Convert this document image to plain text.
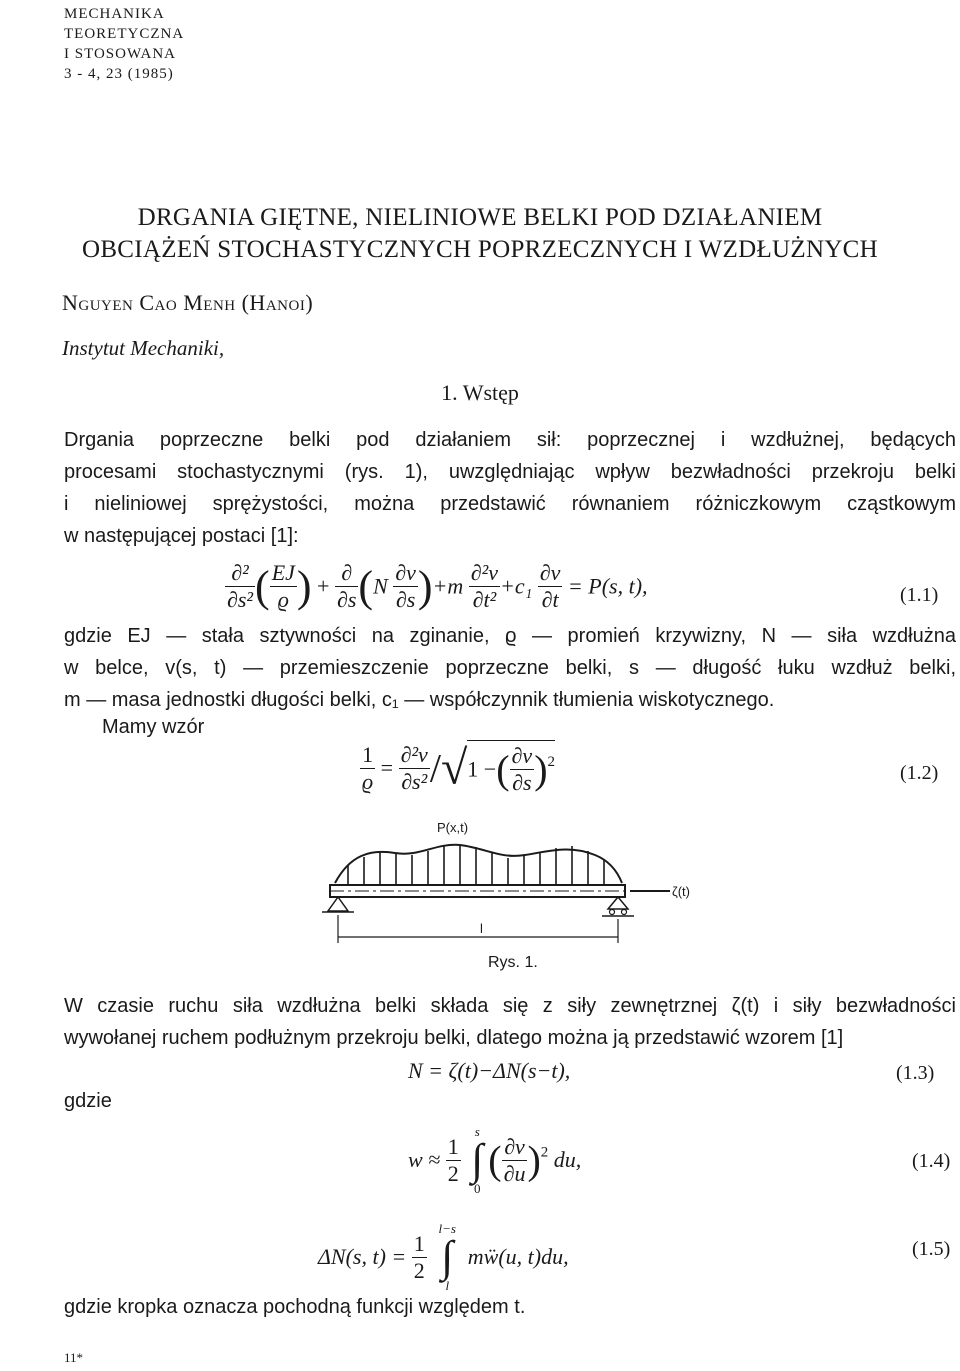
MECHANIKA
TEORETYCZNA
I STOSOWANA
3 - 4, 23 (1985)
DRGANIA GIĘTNE, NIELINIOWE BELKI POD DZIAŁANIEM
OBCIĄŻEŃ STOCHASTYCZNYCH POPRZECZNYCH I WZDŁUŻNYCH
Nguyen Cao Menh (Hanoi)
Instytut Mechaniki,
1. Wstęp
Drgania poprzeczne belki pod działaniem sił: poprzecznej i wzdłużnej, będących
procesami stochastycznymi (rys. 1), uwzględniając wpływ bezwładności przekroju belki
i nieliniowej sprężystości, można przedstawić równaniem różniczkowym cząstkowym
w następującej postaci [1]:
$\frac{\text{∂²}}{\text{∂s²}}$ ( $\frac{EJ}{ϱ}$ ) + $\frac{\partial}{\partial s} (N \frac{\partial v}{\partial s} )+m \frac{\text{∂²v}}{\text{∂t²}} +c_1 \frac{\partial v}{\partial t} = P(s$, t),	(1.1)
gdzie EJ — stała sztywności na zginanie, ϱ — promień krzywizny, N — siła wzdłużna
w belce, v(s, t) — przemieszczenie poprzeczne belki, s — długość łuku wzdłuż belki,
m — masa jednostki długości belki, c₁ — współczynnik tłumienia wiskotycznego.
Mamy wzór
$\frac{1}{ϱ} = \frac{\text{∂²v}}{\text{∂s²}} /√1$ −( $\frac{\partial v}{\partial s} )^2$	(1.2)
P(x,t)
ζ(t)
l
Rys. 1.
W czasie ruchu siła wzdłużna belki składa się z siły zewnętrznej ζ(t) i siły bezwładności
wywołanej ruchem podłużnym przekroju belki, dlatego można ją przedstawić wzorem [1]
N = ζ(t)−ΔN(s−t),	(1.3)
gdzie
$w \approx \frac{1}{2}$

s
∫
0
( $\frac{\partial v}{\partial u} )^2$ du,	(1.4)
ΔN(s, $t) = \frac{1}{2}$

l−s
∫
l
mẅ(u, t)du,	(1.5)
gdzie kropka oznacza pochodną funkcji względem t.
11*
